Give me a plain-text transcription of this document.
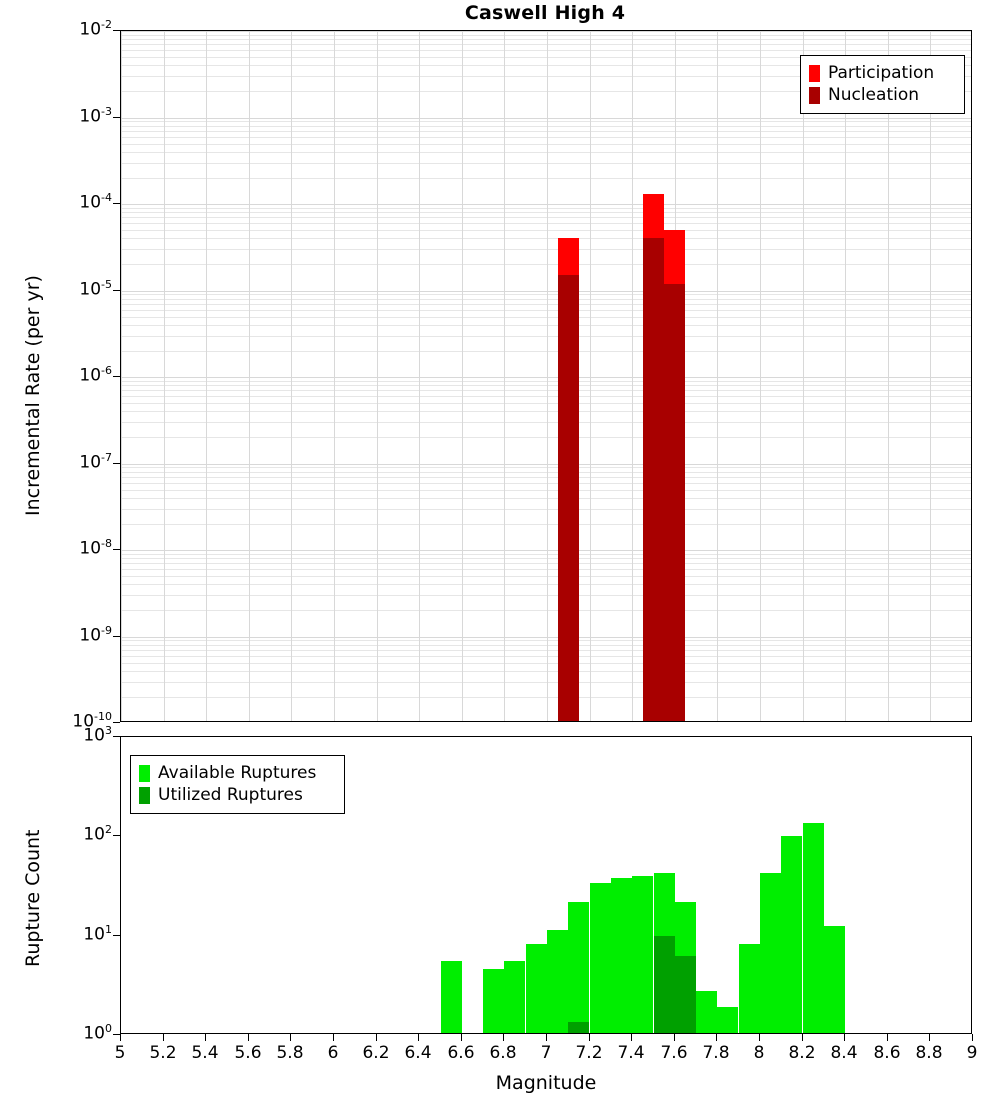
Caswell High 4
Incremental Rate (per yr)
Rupture Count
Magnitude
Participation
Nucleation
Available Ruptures
Utilized Ruptures
$10^{-10}$
$10^{-9}$
$10^{-8}$
$10^{-7}$
$10^{-6}$
$10^{-5}$
$10^{-4}$
$10^{-3}$
$10^{-2}$
$10^0$
$10^1$
$10^2$
$10^3$
5	5.2 5.4 5.6 5.8	6	6.2 6.4 6.6 6.8	7	7.2 7.4 7.6 7.8	8	8.2 8.4 8.6 8.8	9
